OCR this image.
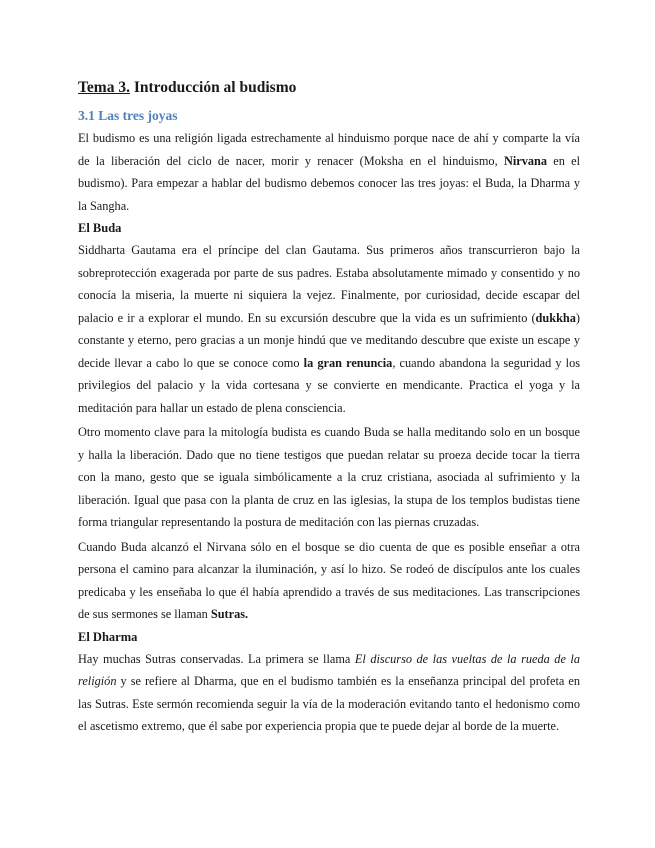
Tema 3. Introducción al budismo
3.1 Las tres joyas

El budismo es una religión ligada estrechamente al hinduismo porque nace de ahí y comparte la vía de la liberación del ciclo de nacer, morir y renacer (Moksha en el hinduismo, Nirvana en el budismo). Para empezar a hablar del budismo debemos conocer las tres joyas: el Buda, la Dharma y la Sangha.

El Buda

Siddharta Gautama era el príncipe del clan Gautama. Sus primeros años transcurrieron bajo la sobreprotección exagerada por parte de sus padres. Estaba absolutamente mimado y consentido y no conocía la miseria, la muerte ni siquiera la vejez. Finalmente, por curiosidad, decide escapar del palacio e ir a explorar el mundo. En su excursión descubre que la vida es un sufrimiento (dukkha) constante y eterno, pero gracias a un monje hindú que ve meditando descubre que existe un escape y decide llevar a cabo lo que se conoce como la gran renuncia, cuando abandona la seguridad y los privilegios del palacio y la vida cortesana y se convierte en mendicante. Practica el yoga y la meditación para hallar un estado de plena consciencia.

Otro momento clave para la mitología budista es cuando Buda se halla meditando solo en un bosque y halla la liberación. Dado que no tiene testigos que puedan relatar su proeza decide tocar la tierra con la mano, gesto que se iguala simbólicamente a la cruz cristiana, asociada al sufrimiento y la liberación. Igual que pasa con la planta de cruz en las iglesias, la stupa de los templos budistas tiene forma triangular representando la postura de meditación con las piernas cruzadas.

Cuando Buda alcanzó el Nirvana sólo en el bosque se dio cuenta de que es posible enseñar a otra persona el camino para alcanzar la iluminación, y así lo hizo. Se rodeó de discípulos ante los cuales predicaba y les enseñaba lo que él había aprendido a través de sus meditaciones. Las transcripciones de sus sermones se llaman Sutras.

El Dharma

Hay muchas Sutras conservadas. La primera se llama El discurso de las vueltas de la rueda de la religión y se refiere al Dharma, que en el budismo también es la enseñanza principal del profeta en las Sutras. Este sermón recomienda seguir la vía de la moderación evitando tanto el hedonismo como el ascetismo extremo, que él sabe por experiencia propia que te puede dejar al borde de la muerte.
